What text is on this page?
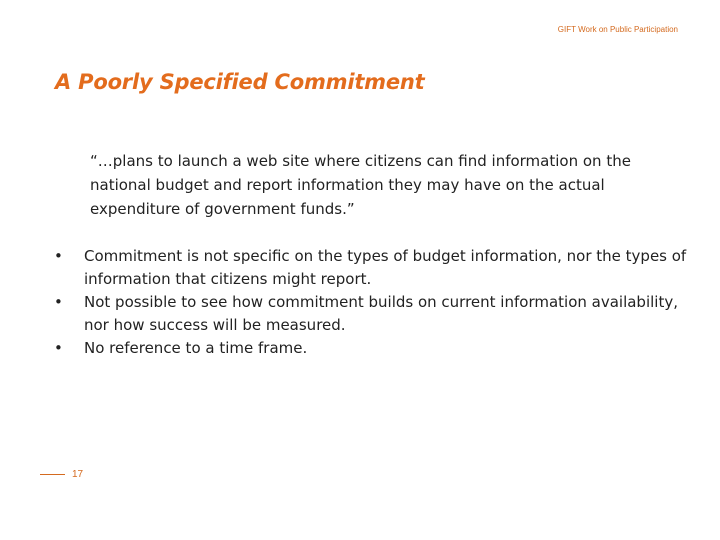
GIFT Work on Public Participation
A Poorly Specified Commitment

“…plans to launch a web site where citizens can find information on the national budget and report information they may have on the actual expenditure of government funds.”

•	Commitment is not specific on the types of budget information, nor the types of information that citizens might report.
•	Not possible to see how commitment builds on current information availability, nor how success will be measured.
•	No reference to a time frame.
17
